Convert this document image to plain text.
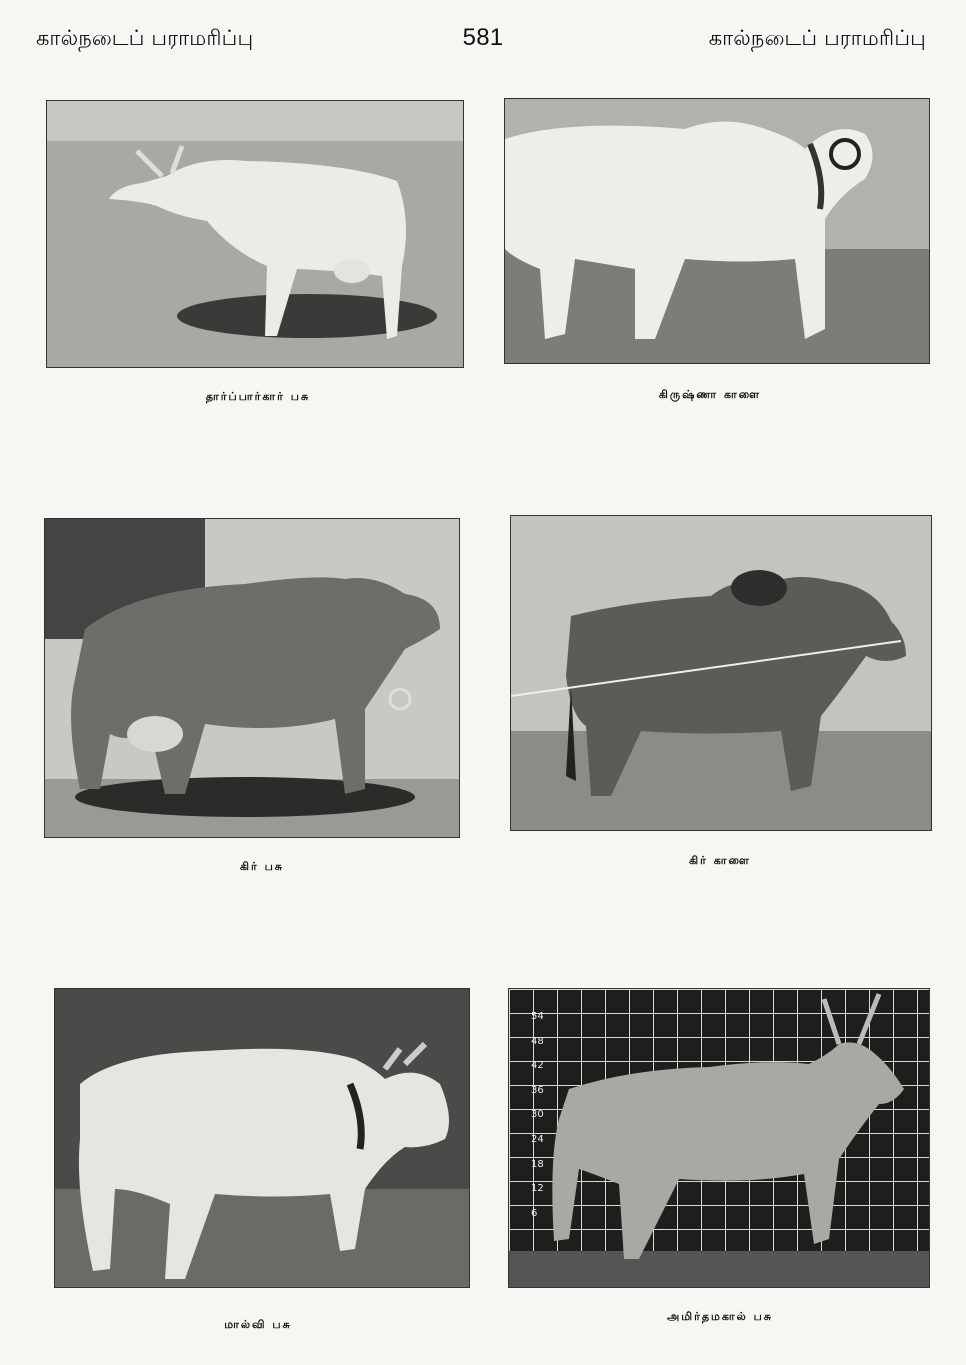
கால்நடைப் பராமரிப்பு	581	கால்நடைப் பராமரிப்பு
தார்ப்பார்கார் பசு	கிருஷ்ணா காளை
கிர் பசு	கிர் காளை
மால்வி பசு
54
48
42
36
30
24
18
12
6
அமிர்தமகால் பசு
